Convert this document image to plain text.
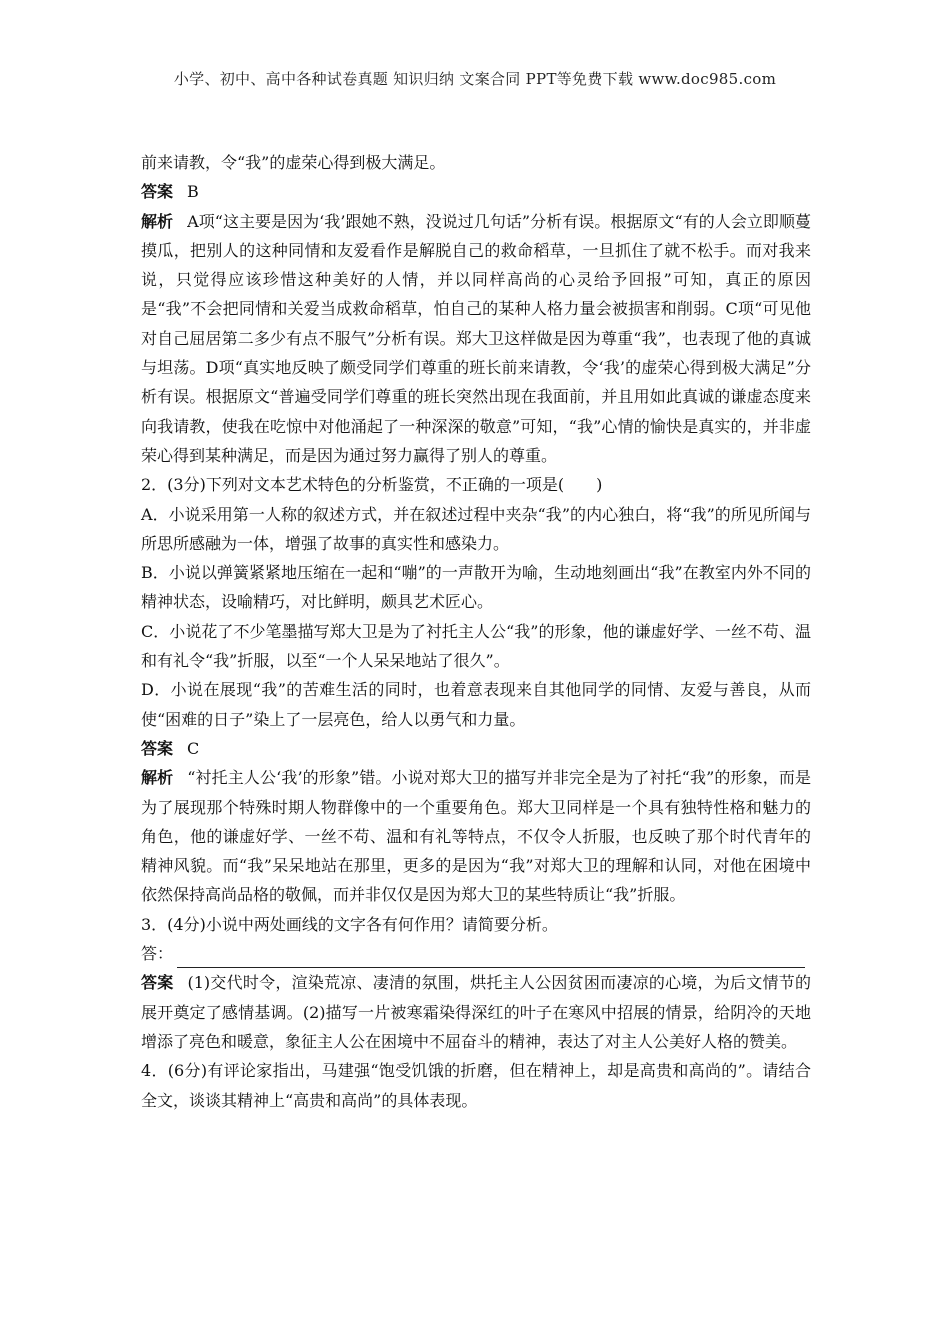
小学、初中、高中各种试卷真题 知识归纳 文案合同 PPT等免费下载 www.doc985.com

前来请教，令“我”的虚荣心得到极大满足。

答案 B

解析 A项“这主要是因为‘我’跟她不熟，没说过几句话”分析有误。根据原文“有的人会立即顺蔓摸瓜，把别人的这种同情和友爱看作是解脱自己的救命稻草，一旦抓住了就不松手。而对我来说，只觉得应该珍惜这种美好的人情，并以同样高尚的心灵给予回报”可知，真正的原因是“我”不会把同情和关爱当成救命稻草，怕自己的某种人格力量会被损害和削弱。C项“可见他对自己屈居第二多少有点不服气”分析有误。郑大卫这样做是因为尊重“我”，也表现了他的真诚与坦荡。D项“真实地反映了颇受同学们尊重的班长前来请教，令‘我’的虚荣心得到极大满足”分析有误。根据原文“普遍受同学们尊重的班长突然出现在我面前，并且用如此真诚的谦虚态度来向我请教，使我在吃惊中对他涌起了一种深深的敬意”可知，“我”心情的愉快是真实的，并非虚荣心得到某种满足，而是因为通过努力赢得了别人的尊重。

2．(3分)下列对文本艺术特色的分析鉴赏，不正确的一项是(　　)

A．小说采用第一人称的叙述方式，并在叙述过程中夹杂“我”的内心独白，将“我”的所见所闻与所思所感融为一体，增强了故事的真实性和感染力。

B．小说以弹簧紧紧地压缩在一起和“嘣”的一声散开为喻，生动地刻画出“我”在教室内外不同的精神状态，设喻精巧，对比鲜明，颇具艺术匠心。

C．小说花了不少笔墨描写郑大卫是为了衬托主人公“我”的形象，他的谦虚好学、一丝不苟、温和有礼令“我”折服，以至“一个人呆呆地站了很久”。

D．小说在展现“我”的苦难生活的同时，也着意表现来自其他同学的同情、友爱与善良，从而使“困难的日子”染上了一层亮色，给人以勇气和力量。

答案 C

解析 “衬托主人公‘我’的形象”错。小说对郑大卫的描写并非完全是为了衬托“我”的形象，而是为了展现那个特殊时期人物群像中的一个重要角色。郑大卫同样是一个具有独特性格和魅力的角色，他的谦虚好学、一丝不苟、温和有礼等特点，不仅令人折服，也反映了那个时代青年的精神风貌。而“我”呆呆地站在那里，更多的是因为“我”对郑大卫的理解和认同，对他在困境中依然保持高尚品格的敬佩，而并非仅仅是因为郑大卫的某些特质让“我”折服。

3．(4分)小说中两处画线的文字各有何作用？请简要分析。

答：

答案 (1)交代时令，渲染荒凉、凄清的氛围，烘托主人公因贫困而凄凉的心境，为后文情节的展开奠定了感情基调。(2)描写一片被寒霜染得深红的叶子在寒风中招展的情景，给阴冷的天地增添了亮色和暖意，象征主人公在困境中不屈奋斗的精神，表达了对主人公美好人格的赞美。

4．(6分)有评论家指出，马建强“饱受饥饿的折磨，但在精神上，却是高贵和高尚的”。请结合全文，谈谈其精神上“高贵和高尚”的具体表现。
